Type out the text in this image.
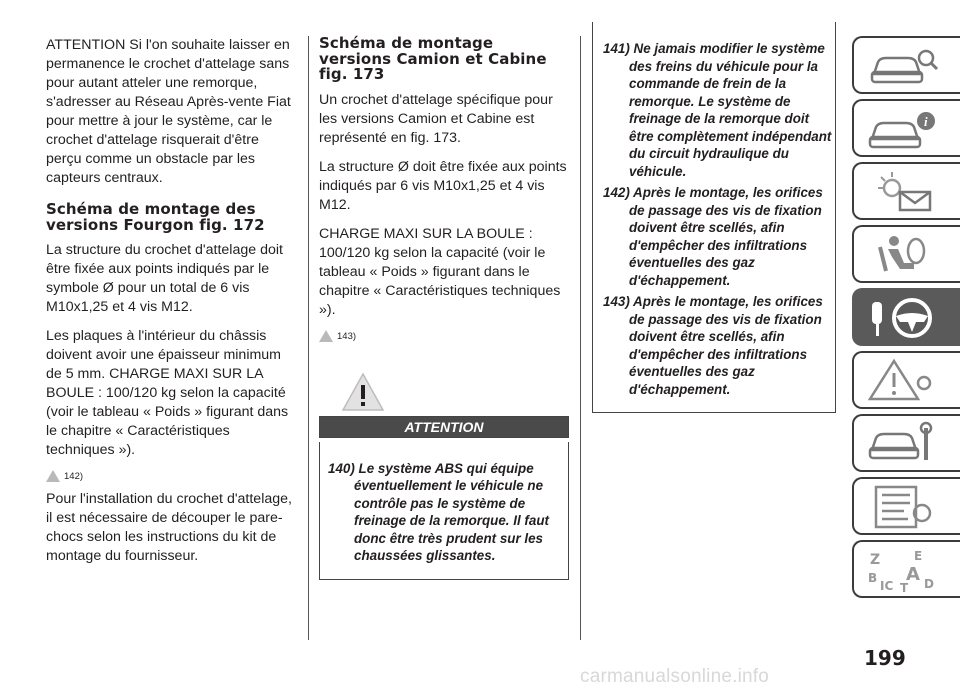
ATTENTION Si l'on souhaite laisser en permanence le crochet d'attelage sans pour autant atteler une remorque, s'adresser au Réseau Après-vente Fiat pour mettre à jour le système, car le crochet d'attelage risquerait d'être perçu comme un obstacle par les capteurs centraux.

Schéma de montage des versions Fourgon fig. 172

La structure du crochet d'attelage doit être fixée aux points indiqués par le symbole Ø pour un total de 6 vis M10x1,25 et 4 vis M12.

Les plaques à l'intérieur du châssis doivent avoir une épaisseur minimum de 5 mm. CHARGE MAXI SUR LA BOULE : 100/120 kg selon la capacité (voir le tableau « Poids » figurant dans le chapitre « Caractéristiques techniques »).

142)

Pour l'installation du crochet d'attelage, il est nécessaire de découper le pare-chocs selon les instructions du kit de montage du fournisseur.

Schéma de montage versions Camion et Cabine fig. 173

Un crochet d'attelage spécifique pour les versions Camion et Cabine est représenté en fig. 173.

La structure Ø doit être fixée aux points indiqués par 6 vis M10x1,25 et 4 vis M12.

CHARGE MAXI SUR LA BOULE : 100/120 kg selon la capacité (voir le tableau « Poids » figurant dans le chapitre « Caractéristiques techniques »).

143)
ATTENTION

140) Le système ABS qui équipe éventuellement le véhicule ne contrôle pas le système de freinage de la remorque. Il faut donc être très prudent sur les chaussées glissantes.

141) Ne jamais modifier le système des freins du véhicule pour la commande de frein de la remorque. Le système de freinage de la remorque doit être complètement indépendant du circuit hydraulique du véhicule.

142) Après le montage, les orifices de passage des vis de fixation doivent être scellés, afin d'empêcher des infiltrations éventuelles des gaz d'échappement.

143) Après le montage, les orifices de passage des vis de fixation doivent être scellés, afin d'empêcher des infiltrations éventuelles des gaz d'échappement.

i
Z	E
B A
IC T D
199
carmanualsonline.info
